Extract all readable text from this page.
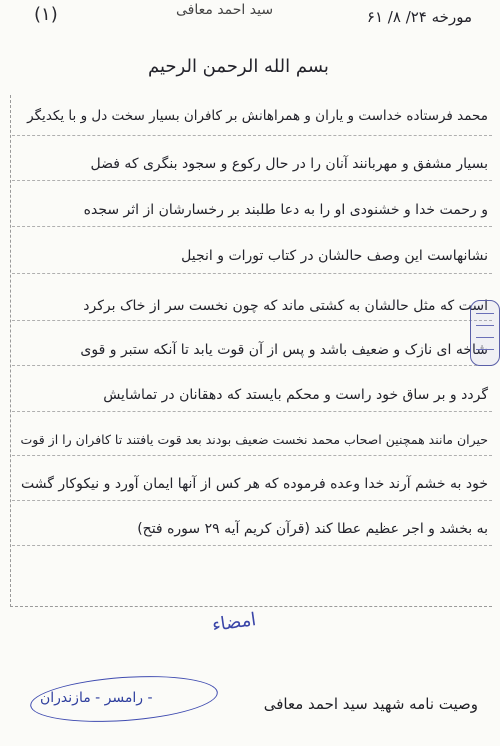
(۱)	سید احمد معافی	مورخه ۲۴/ ۸/ ۶۱
بسم الله الرحمن الرحیم
محمد فرستاده خداست و یاران و همراهانش بر کافران بسیار سخت دل و با یکدیگر
بسیار مشفق و مهربانند آنان را در حال رکوع و سجود بنگری که فضل
و رحمت خدا و خشنودی او را به دعا طلبند بر رخسارشان از اثر سجده
نشانهاست این وصف حالشان در کتاب تورات و انجیل
است که مثل حالشان به کشتی ماند که چون نخست سر از خاک برکرد
شاخه ای نازک و ضعیف باشد و پس از آن قوت یابد تا آنکه ستبر و قوی
گردد و بر ساق خود راست و محکم بایستد که دهقانان در تماشایش
حیران مانند همچنین اصحاب محمد نخست ضعیف بودند بعد قوت یافتند تا کافران را از قوت
خود به خشم آرند خدا وعده فرموده که هر کس از آنها ایمان آورد و نیکوکار گشت
به بخشد و اجر عظیم عطا کند (قرآن کریم آیه ۲۹ سوره فتح)
امضاء
- رامسر - مازندران	وصیت نامه شهید سید احمد معافی
